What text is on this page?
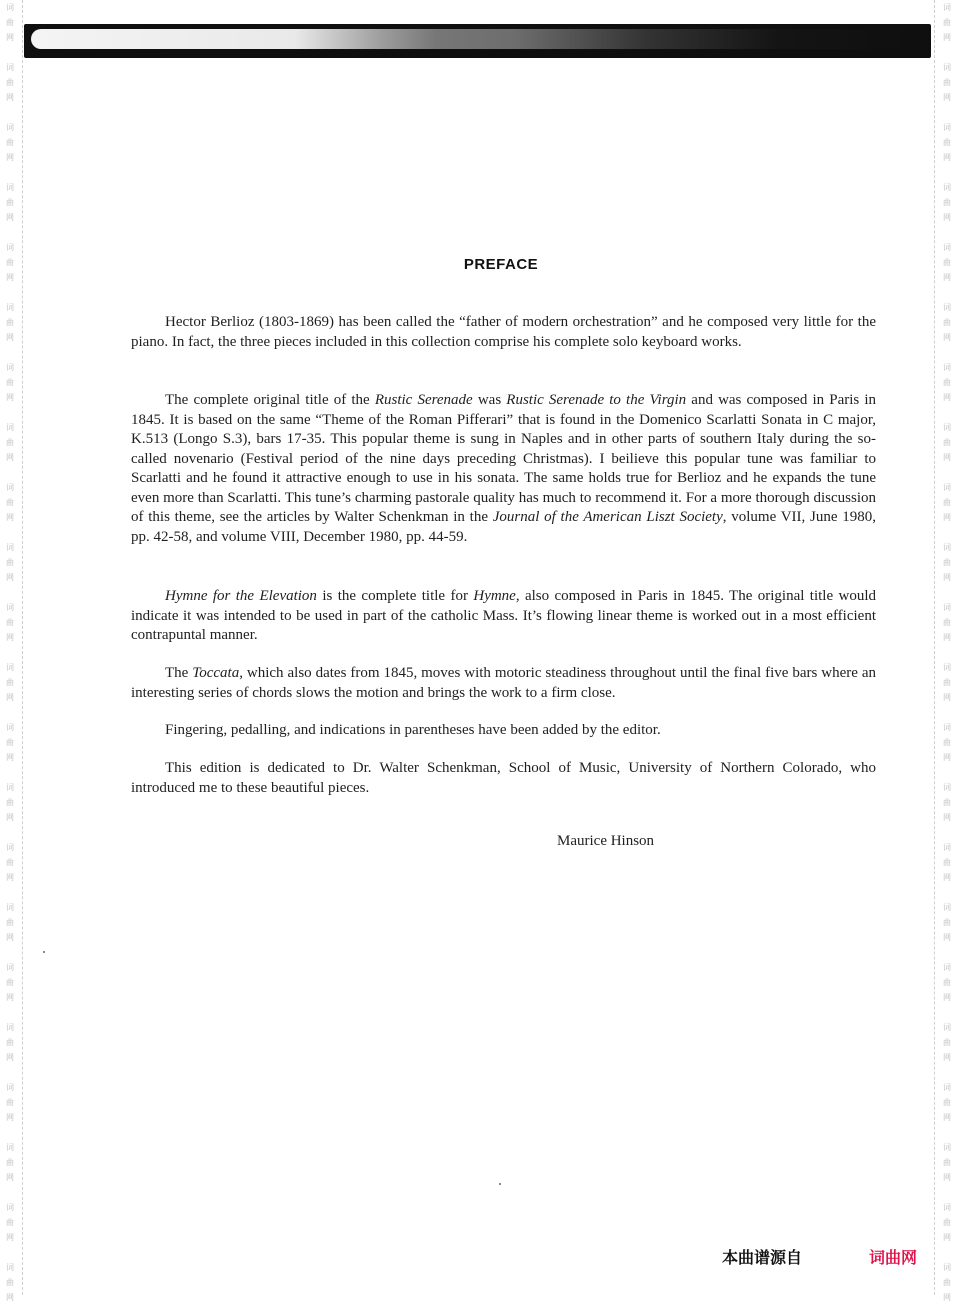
词
曲
网
词
曲
网
词
曲
网
词
曲
网
词
曲
网
词
曲
网
词
曲
网
词
曲
网
词
曲
网
词
曲
网
词
曲
网
词
曲
网
词
曲
网
词
曲
网
词
曲
网
词
曲
网
词
曲
网
词
曲
网
词
曲
网
词
曲
网
词
曲
网
词
曲
网
词
曲
网
词
曲
网
词
曲
网
词
曲
网
词
曲
网
词
曲
网
词
曲
网
词
曲
网
词
曲
网
词
曲
网
词
曲
网
词
曲
网
词
曲
网
词
曲
网
词
曲
网
词
曲
网
词
曲
网
词
曲
网
词
曲
网
词
曲
网
词
曲
网
词
曲
网
PREFACE
Hector Berlioz (1803-1869) has been called the “father of modern orchestration” and he composed very little for the piano. In fact, the three pieces included in this collection comprise his complete solo keyboard works.
The complete original title of the Rustic Serenade was Rustic Serenade to the Virgin and was composed in Paris in 1845. It is based on the same “Theme of the Roman Pifferari” that is found in the Domenico Scarlatti Sonata in C major, K.513 (Longo S.3), bars 17-35. This popular theme is sung in Naples and in other parts of southern Italy during the so-called novenario (Festival period of the nine days preceding Christmas). I beilieve this popular tune was familiar to Scarlatti and he found it attractive enough to use in his sonata. The same holds true for Berlioz and he expands the tune even more than Scarlatti. This tune’s charming pastorale quality has much to recommend it. For a more thorough discussion of this theme, see the articles by Walter Schenkman in the Journal of the American Liszt Society, volume VII, June 1980, pp. 42-58, and volume VIII, December 1980, pp. 44-59.
Hymne for the Elevation is the complete title for Hymne, also composed in Paris in 1845. The original title would indicate it was intended to be used in part of the catholic Mass. It’s flowing linear theme is worked out in a most efficient contrapuntal manner.
The Toccata, which also dates from 1845, moves with motoric steadiness throughout until the final five bars where an interesting series of chords slows the motion and brings the work to a firm close.
Fingering, pedalling, and indications in parentheses have been added by the editor.
This edition is dedicated to Dr. Walter Schenkman, School of Music, University of Northern Colorado, who introduced me to these beautiful pieces.
Maurice Hinson
本曲谱源自	词曲网
